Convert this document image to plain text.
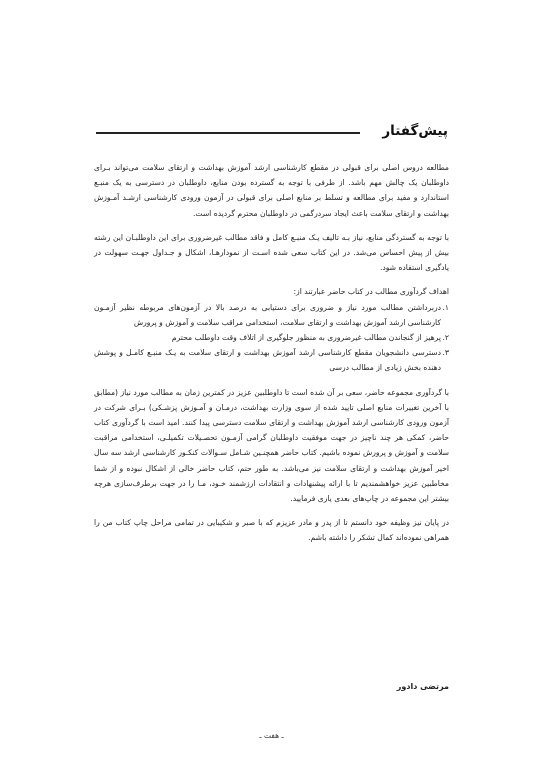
پیش‌گفتار

مطالعه دروس اصلی برای قبولی در مقطع کارشناسی ارشد آموزش بهداشت و ارتقای سلامت می‌تواند بـرای داوطلبان یک چالش مهم باشد. از طرفی با توجه به گسترده بودن منابع، داوطلبان در دسترسی به یک منبـع استاندارد و مفید برای مطالعه و تسلط بر منابع اصلی برای قبولی در آزمون ورودی کارشناسی ارشـد آمـوزش بهداشت و ارتقای سلامت باعث ایجاد سردرگمی در داوطلبان محترم گردیده است.

با توجه به گستردگی منابع، نیاز بـه تالیف یـک منبـع کامل و فاقد مطالب غیرضروری برای این داوطلبـان این رشته بیش از پیش احساس می‌شد. در این کتاب سعی شده اسـت از نمودارهـا، اشکال و جـداول جهـت سهولت در یادگیری استفاده شود.

اهداف گردآوری مطالب در کتاب حاضر عبارتند از:

۱.
دربرداشتن مطالب مورد نیاز و ضروری برای دستیابی به درصد بالا در آزمون‌های مربوطه نظیر آزمـون کارشناسی ارشد آموزش بهداشت و ارتقای سلامت، استخدامی مراقب سلامت و آموزش و پرورش
۲.
پرهیز از گنجاندن مطالب غیرضروری به منظور جلوگیری از اتلاف وقت داوطلب محترم
۳.
دسترسی دانشجویان مقطع کارشناسی ارشد آموزش بهداشت و ارتقای سلامت به یـک منبـع کامـل و پوشش دهنده بخش زیادی از مطالب درسی

با گردآوری مجموعه حاضر، سعی بر آن شده است تا داوطلبین عزیز در کمترین زمان به مطالب مورد نیاز (مطابق با آخرین تغییرات منابع اصلی تایید شده از سوی وزارت بهداشت، درمـان و آمـوزش پزشـکی) بـرای شرکت در آزمون ورودی کارشناسی ارشد آموزش بهداشت و ارتقای سلامت دسترسی پیدا کنند. امید است با گردآوری کتاب حاضر، کمکی هر چند ناچیز در جهت موفقیت داوطلبان گرامی آزمـون تحصـیلات تکمیلـی، استخدامی مراقبت سلامت و آموزش و پرورش نموده باشیم. کتاب حاضر همچنـین شـامل سـوالات کنکـور کارشناسی ارشد سه سال اخیر آموزش بهداشت و ارتقای سلامت نیز می‌باشد. به طور حتم، کتاب حاضر خالی از اشکال نبوده و از شما مخاطبین عزیز خواهشمندیم تا با ارائه پیشنهادات و انتقادات ارزشمند خـود، مـا را در جهت برطرف‌سازی هرچه بیشتر این مجموعه در چاپ‌های بعدی یاری فرمایید.

در پایان نیز وظیفه خود دانستم تا از پدر و مادر عزیزم که با صبر و شکیبایی در تمامی مراحل چاپ کتاب من را همراهی نموده‌اند کمال تشکر را داشته باشم.

مرتضی دادور
ـ هفت ـ
